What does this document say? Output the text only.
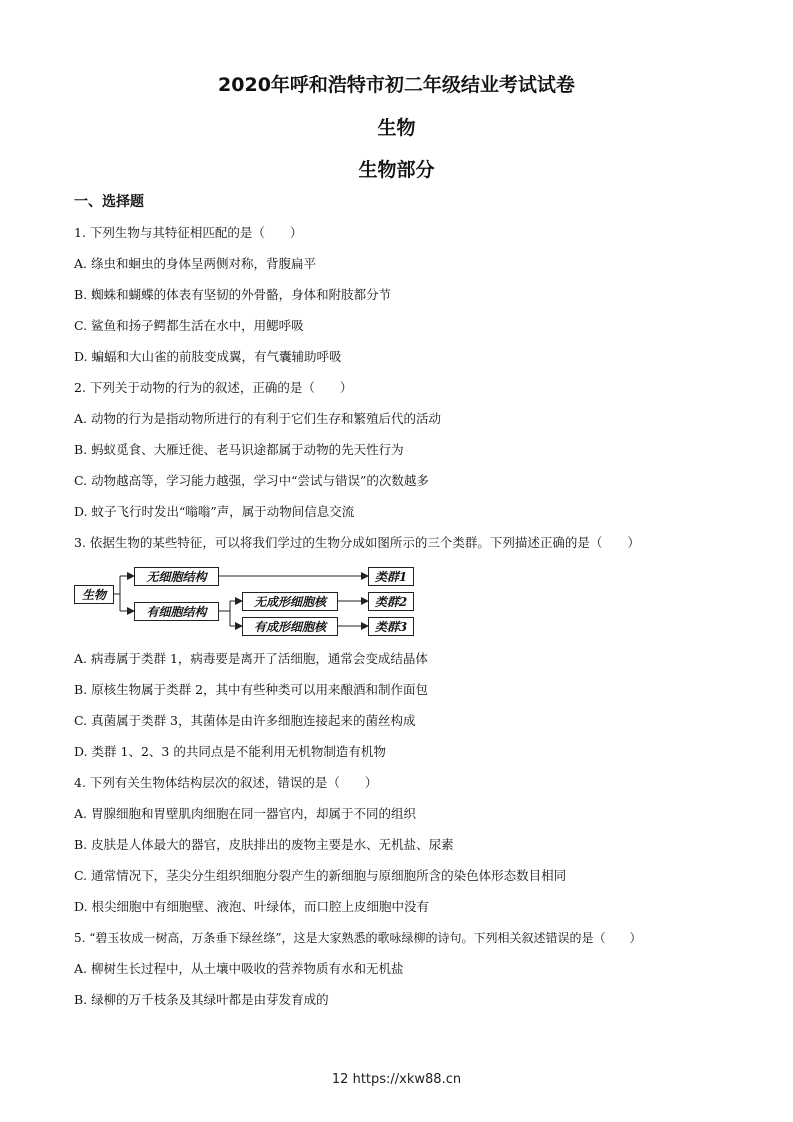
2020年呼和浩特市初二年级结业考试试卷
生物
生物部分
一、选择题
1. 下列生物与其特征相匹配的是（　　）
A. 绦虫和蛔虫的身体呈两侧对称，背腹扁平
B. 蜘蛛和蝴蝶的体表有坚韧的外骨骼，身体和附肢都分节
C. 鲨鱼和扬子鳄都生活在水中，用鳃呼吸
D. 蝙蝠和大山雀的前肢变成翼，有气囊辅助呼吸
2. 下列关于动物的行为的叙述，正确的是（　　）
A. 动物的行为是指动物所进行的有利于它们生存和繁殖后代的活动
B. 蚂蚁觅食、大雁迁徙、老马识途都属于动物的先天性行为
C. 动物越高等，学习能力越强，学习中“尝试与错误”的次数越多
D. 蚊子飞行时发出“嗡嗡”声，属于动物间信息交流
3. 依据生物的某些特征，可以将我们学过的生物分成如图所示的三个类群。下列描述正确的是（　　）
生物
无细胞结构
有细胞结构
无成形细胞核
有成形细胞核
类群1
类群2
类群3
A. 病毒属于类群 1，病毒要是离开了活细胞，通常会变成结晶体
B. 原核生物属于类群 2，其中有些种类可以用来酿酒和制作面包
C. 真菌属于类群 3，其菌体是由许多细胞连接起来的菌丝构成
D. 类群 1、2、3 的共同点是不能利用无机物制造有机物
4. 下列有关生物体结构层次的叙述，错误的是（　　）
A. 胃腺细胞和胃壁肌肉细胞在同一器官内，却属于不同的组织
B. 皮肤是人体最大的器官，皮肤排出的废物主要是水、无机盐、尿素
C. 通常情况下，茎尖分生组织细胞分裂产生的新细胞与原细胞所含的染色体形态数目相同
D. 根尖细胞中有细胞壁、液泡、叶绿体，而口腔上皮细胞中没有
5. “碧玉妆成一树高，万条垂下绿丝绦”，这是大家熟悉的歌咏绿柳的诗句。下列相关叙述错误的是（　　）
A. 柳树生长过程中，从土壤中吸收的营养物质有水和无机盐
B. 绿柳的万千枝条及其绿叶都是由芽发育成的
12 https://xkw88.cn
